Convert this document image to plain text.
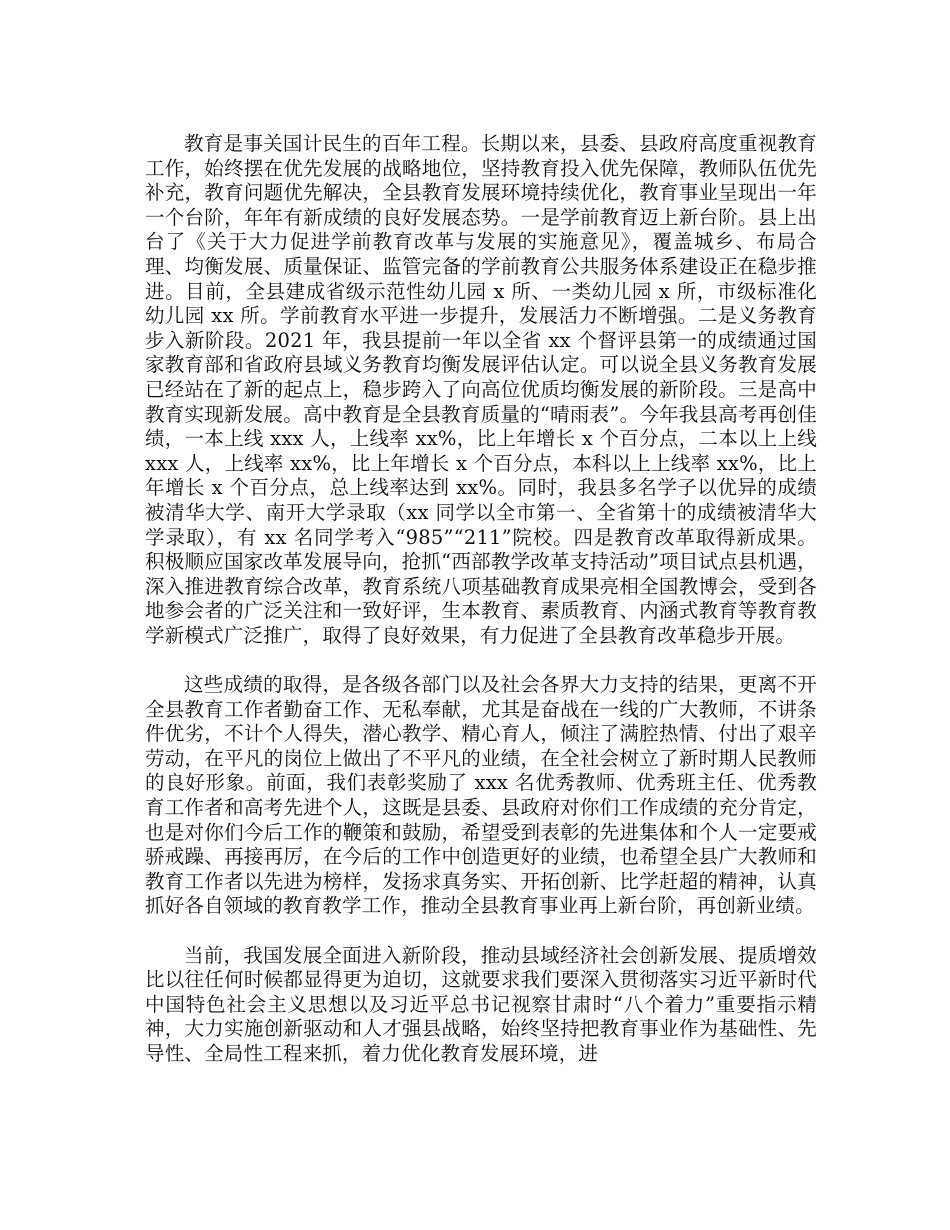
教育是事关国计民生的百年工程。长期以来，县委、县政府高度重视教育工作，始终摆在优先发展的战略地位，坚持教育投入优先保障，教师队伍优先补充，教育问题优先解决，全县教育发展环境持续优化，教育事业呈现出一年一个台阶，年年有新成绩的良好发展态势。一是学前教育迈上新台阶。县上出台了《关于大力促进学前教育改革与发展的实施意见》，覆盖城乡、布局合理、均衡发展、质量保证、监管完备的学前教育公共服务体系建设正在稳步推进。目前，全县建成省级示范性幼儿园 x 所、一类幼儿园 x 所，市级标准化幼儿园 xx 所。学前教育水平进一步提升，发展活力不断增强。二是义务教育步入新阶段。2021 年，我县提前一年以全省 xx 个督评县第一的成绩通过国家教育部和省政府县域义务教育均衡发展评估认定。可以说全县义务教育发展已经站在了新的起点上，稳步跨入了向高位优质均衡发展的新阶段。三是高中教育实现新发展。高中教育是全县教育质量的“晴雨表”。今年我县高考再创佳绩，一本上线 xxx 人，上线率 xx%，比上年增长 x 个百分点，二本以上上线 xxx 人，上线率 xx%，比上年增长 x 个百分点，本科以上上线率 xx%，比上年增长 x 个百分点，总上线率达到 xx%。同时，我县多名学子以优异的成绩被清华大学、南开大学录取（xx 同学以全市第一、全省第十的成绩被清华大学录取），有 xx 名同学考入“985”“211”院校。四是教育改革取得新成果。积极顺应国家改革发展导向，抢抓“西部教学改革支持活动”项目试点县机遇，深入推进教育综合改革，教育系统八项基础教育成果亮相全国教博会，受到各地参会者的广泛关注和一致好评，生本教育、素质教育、内涵式教育等教育教学新模式广泛推广，取得了良好效果，有力促进了全县教育改革稳步开展。

这些成绩的取得，是各级各部门以及社会各界大力支持的结果，更离不开全县教育工作者勤奋工作、无私奉献，尤其是奋战在一线的广大教师，不讲条件优劣，不计个人得失，潜心教学、精心育人，倾注了满腔热情、付出了艰辛劳动，在平凡的岗位上做出了不平凡的业绩，在全社会树立了新时期人民教师的良好形象。前面，我们表彰奖励了 xxx 名优秀教师、优秀班主任、优秀教育工作者和高考先进个人，这既是县委、县政府对你们工作成绩的充分肯定，也是对你们今后工作的鞭策和鼓励，希望受到表彰的先进集体和个人一定要戒骄戒躁、再接再厉，在今后的工作中创造更好的业绩，也希望全县广大教师和教育工作者以先进为榜样，发扬求真务实、开拓创新、比学赶超的精神，认真抓好各自领域的教育教学工作，推动全县教育事业再上新台阶，再创新业绩。

当前，我国发展全面进入新阶段，推动县域经济社会创新发展、提质增效比以往任何时候都显得更为迫切，这就要求我们要深入贯彻落实习近平新时代中国特色社会主义思想以及习近平总书记视察甘肃时“八个着力”重要指示精神，大力实施创新驱动和人才强县战略，始终坚持把教育事业作为基础性、先导性、全局性工程来抓，着力优化教育发展环境，进
